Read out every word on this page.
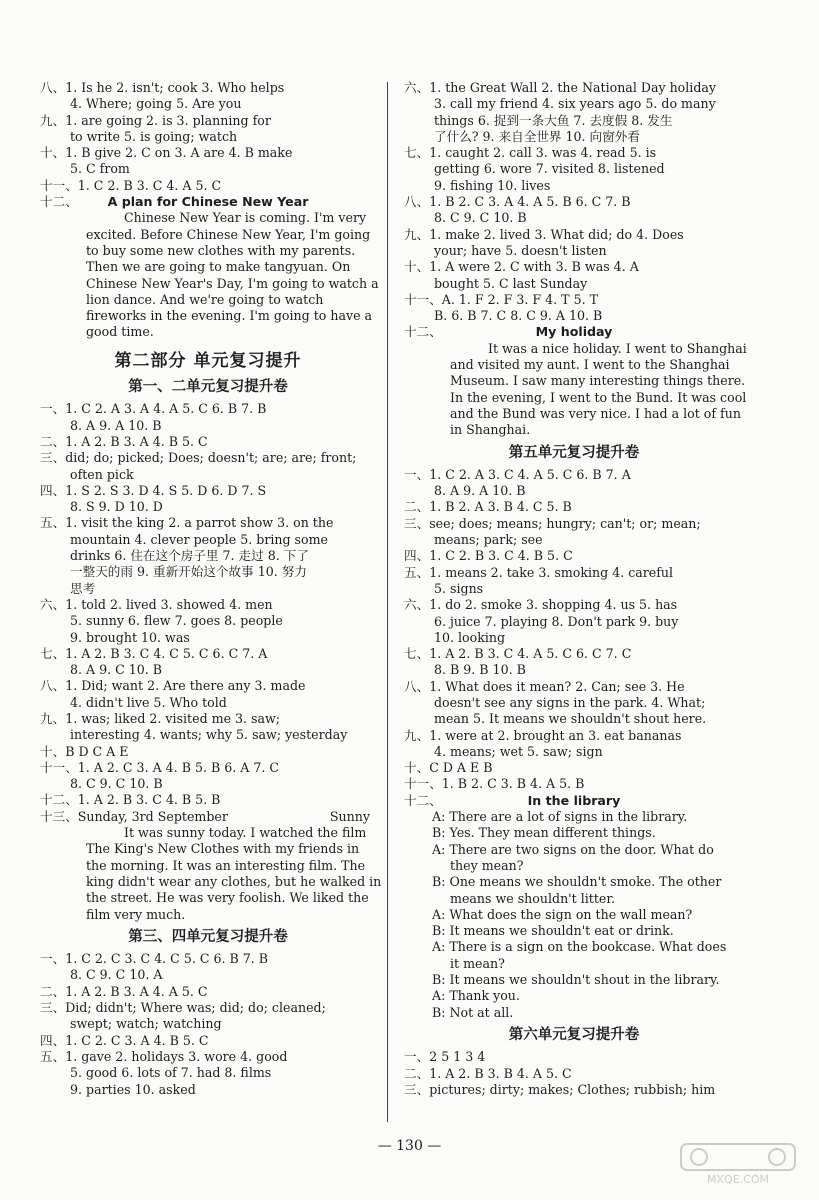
八、1. Is he 2. isn't; cook 3. Who helps
4. Where; going 5. Are you
九、1. are going 2. is 3. planning for
to write 5. is going; watch
十、1. B give 2. C on 3. A are 4. B make
5. C from
十一、1. C 2. B 3. C 4. A 5. C
十二、	A plan for Chinese New Year
Chinese New Year is coming. I'm very
excited. Before Chinese New Year, I'm going
to buy some new clothes with my parents.
Then we are going to make tangyuan. On
Chinese New Year's Day, I'm going to watch a
lion dance. And we're going to watch
fireworks in the evening. I'm going to have a
good time.
第二部分 单元复习提升
第一、二单元复习提升卷
一、1. C 2. A 3. A 4. A 5. C 6. B 7. B
8. A 9. A 10. B
二、1. A 2. B 3. A 4. B 5. C
三、did; do; picked; Does; doesn't; are; are; front;
often pick
四、1. S 2. S 3. D 4. S 5. D 6. D 7. S
8. S 9. D 10. D
五、1. visit the king 2. a parrot show 3. on the
mountain 4. clever people 5. bring some
drinks 6. 住在这个房子里 7. 走过 8. 下了
一整天的雨 9. 重新开始这个故事 10. 努力
思考
六、1. told 2. lived 3. showed 4. men
5. sunny 6. flew 7. goes 8. people
9. brought 10. was
七、1. A 2. B 3. C 4. C 5. C 6. C 7. A
8. A 9. C 10. B
八、1. Did; want 2. Are there any 3. made
4. didn't live 5. Who told
九、1. was; liked 2. visited me 3. saw;
interesting 4. wants; why 5. saw; yesterday
十、B D C A E
十一、1. A 2. C 3. A 4. B 5. B 6. A 7. C
8. C 9. C 10. B
十二、1. A 2. B 3. C 4. B 5. B
十三、Sunday, 3rd September	Sunny
It was sunny today. I watched the film
The King's New Clothes with my friends in
the morning. It was an interesting film. The
king didn't wear any clothes, but he walked in
the street. He was very foolish. We liked the
film very much.
第三、四单元复习提升卷
一、1. C 2. C 3. C 4. C 5. C 6. B 7. B
8. C 9. C 10. A
二、1. A 2. B 3. A 4. A 5. C
三、Did; didn't; Where was; did; do; cleaned;
swept; watch; watching
四、1. C 2. C 3. A 4. B 5. C
五、1. gave 2. holidays 3. wore 4. good
5. good 6. lots of 7. had 8. films
9. parties 10. asked
六、1. the Great Wall 2. the National Day holiday
3. call my friend 4. six years ago 5. do many
things 6. 捉到一条大鱼 7. 去度假 8. 发生
了什么? 9. 来自全世界 10. 向窗外看
七、1. caught 2. call 3. was 4. read 5. is
getting 6. wore 7. visited 8. listened
9. fishing 10. lives
八、1. B 2. C 3. A 4. A 5. B 6. C 7. B
8. C 9. C 10. B
九、1. make 2. lived 3. What did; do 4. Does
your; have 5. doesn't listen
十、1. A were 2. C with 3. B was 4. A
bought 5. C last Sunday
十一、A. 1. F 2. F 3. F 4. T 5. T
B. 6. B 7. C 8. C 9. A 10. B
十二、	My holiday
It was a nice holiday. I went to Shanghai
and visited my aunt. I went to the Shanghai
Museum. I saw many interesting things there.
In the evening, I went to the Bund. It was cool
and the Bund was very nice. I had a lot of fun
in Shanghai.
第五单元复习提升卷
一、1. C 2. A 3. C 4. A 5. C 6. B 7. A
8. A 9. A 10. B
二、1. B 2. A 3. B 4. C 5. B
三、see; does; means; hungry; can't; or; mean;
means; park; see
四、1. C 2. B 3. C 4. B 5. C
五、1. means 2. take 3. smoking 4. careful
5. signs
六、1. do 2. smoke 3. shopping 4. us 5. has
6. juice 7. playing 8. Don't park 9. buy
10. looking
七、1. A 2. B 3. C 4. A 5. C 6. C 7. C
8. B 9. B 10. B
八、1. What does it mean? 2. Can; see 3. He
doesn't see any signs in the park. 4. What;
mean 5. It means we shouldn't shout here.
九、1. were at 2. brought an 3. eat bananas
4. means; wet 5. saw; sign
十、C D A E B
十一、1. B 2. C 3. B 4. A 5. B
十二、	In the library
A: There are a lot of signs in the library.
B: Yes. They mean different things.
A: There are two signs on the door. What do
they mean?
B: One means we shouldn't smoke. The other
means we shouldn't litter.
A: What does the sign on the wall mean?
B: It means we shouldn't eat or drink.
A: There is a sign on the bookcase. What does
it mean?
B: It means we shouldn't shout in the library.
A: Thank you.
B: Not at all.
第六单元复习提升卷
一、2 5 1 3 4
二、1. A 2. B 3. B 4. A 5. C
三、pictures; dirty; makes; Clothes; rubbish; him
— 130 —
MXQE.COM
